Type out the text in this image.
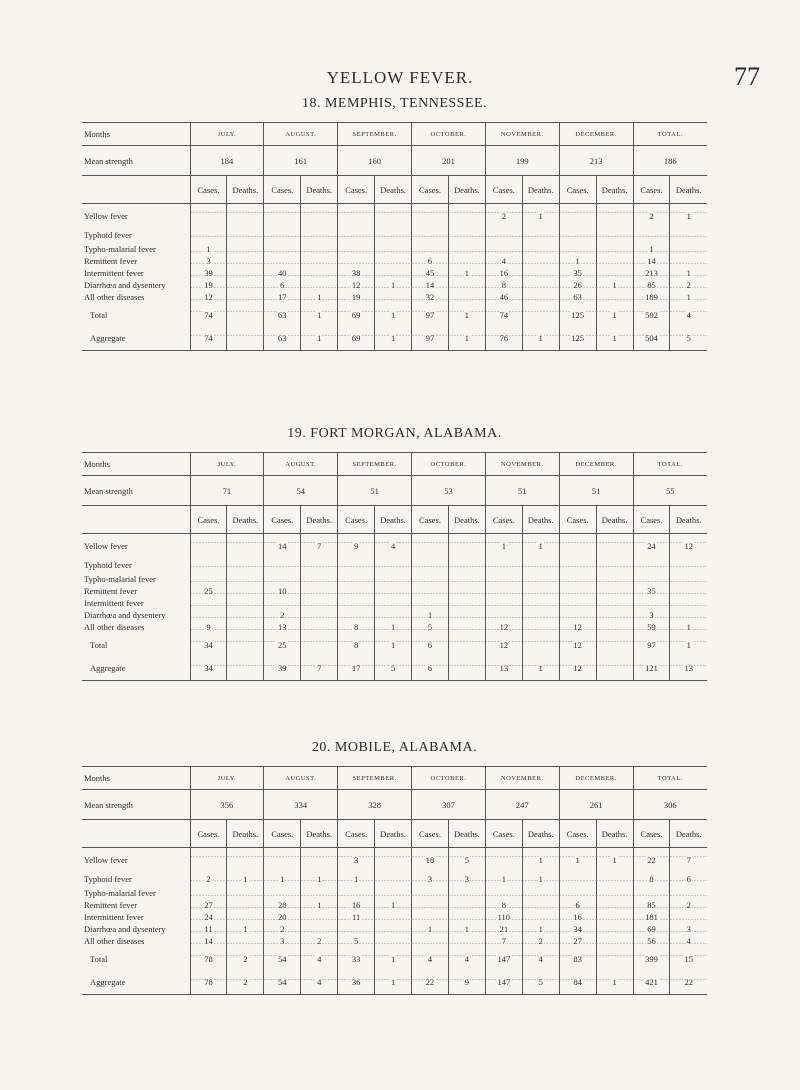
YELLOW FEVER.	77
18. MEMPHIS, TENNESSEE.
Months	JULY.		AUGUST.		SEPTEMBER.		OCTOBER.		NOVEMBER.		DECEMBER.		TOTAL.	
Mean strength	184		161		160		201		199		213		186	
	Cases.	Deaths.	Cases.	Deaths.	Cases.	Deaths.	Cases.	Deaths.	Cases.	Deaths.	Cases.	Deaths.	Cases.	Deaths.
Yellow fever									2	1			2	1
Typhoid fever														
Typho-malarial fever	1												1	
Remittent fever	3						6		4		1		14	
Intermittent fever	39		40		38		45	1	16		35		213	1
Diarrhœa and dysentery	19		6		12	1	14		8		26	1	85	2
All other diseases	12		17	1	19		32		46		63		189	1
Total	74		63	1	69	1	97	1	74		125	1	502	4
Aggregate	74		63	1	69	1	97	1	76	1	125	1	504	5
19. FORT MORGAN, ALABAMA.
Months	JULY.		AUGUST.		SEPTEMBER.		OCTOBER.		NOVEMBER.		DECEMBER.		TOTAL.	
Mean strength	71		54		51		53		51		51		55	
	Cases.	Deaths.	Cases.	Deaths.	Cases.	Deaths.	Cases.	Deaths.	Cases.	Deaths.	Cases.	Deaths.	Cases.	Deaths.
Yellow fever			14	7	9	4			1	1			24	12
Typhoid fever														
Typho-malarial fever														
Remittent fever	25		10										35	
Intermittent fever														
Diarrhœa and dysentery			2				1						3	
All other diseases	9		13		8	1	5		12		12		59	1
Total	34		25		8	1	6		12		12		97	1
Aggregate	34		39	7	17	5	6		13	1	12		121	13
20. MOBILE, ALABAMA.
Months	JULY.		AUGUST.		SEPTEMBER.		OCTOBER.		NOVEMBER.		DECEMBER.		TOTAL.	
Mean strength	356		334		328		307		247		261		306	
	Cases.	Deaths.	Cases.	Deaths.	Cases.	Deaths.	Cases.	Deaths.	Cases.	Deaths.	Cases.	Deaths.	Cases.	Deaths.
Yellow fever					3		18	5		1	1	1	22	7
Typhoid fever	2	1	1	1	1		3	3	1	1			8	6
Typho-malarial fever														
Remittent fever	27		28	1	16	1			8		6		85	2
Intermittent fever	24		20		11				110		16		181	
Diarrhœa and dysentery	11	1	2				1	1	21	1	34		69	3
All other diseases	14		3	2	5				7	2	27		56	4
Total	78	2	54	4	33	1	4	4	147	4	83		399	15
Aggregate	78	2	54	4	36	1	22	9	147	5	84	1	421	22
